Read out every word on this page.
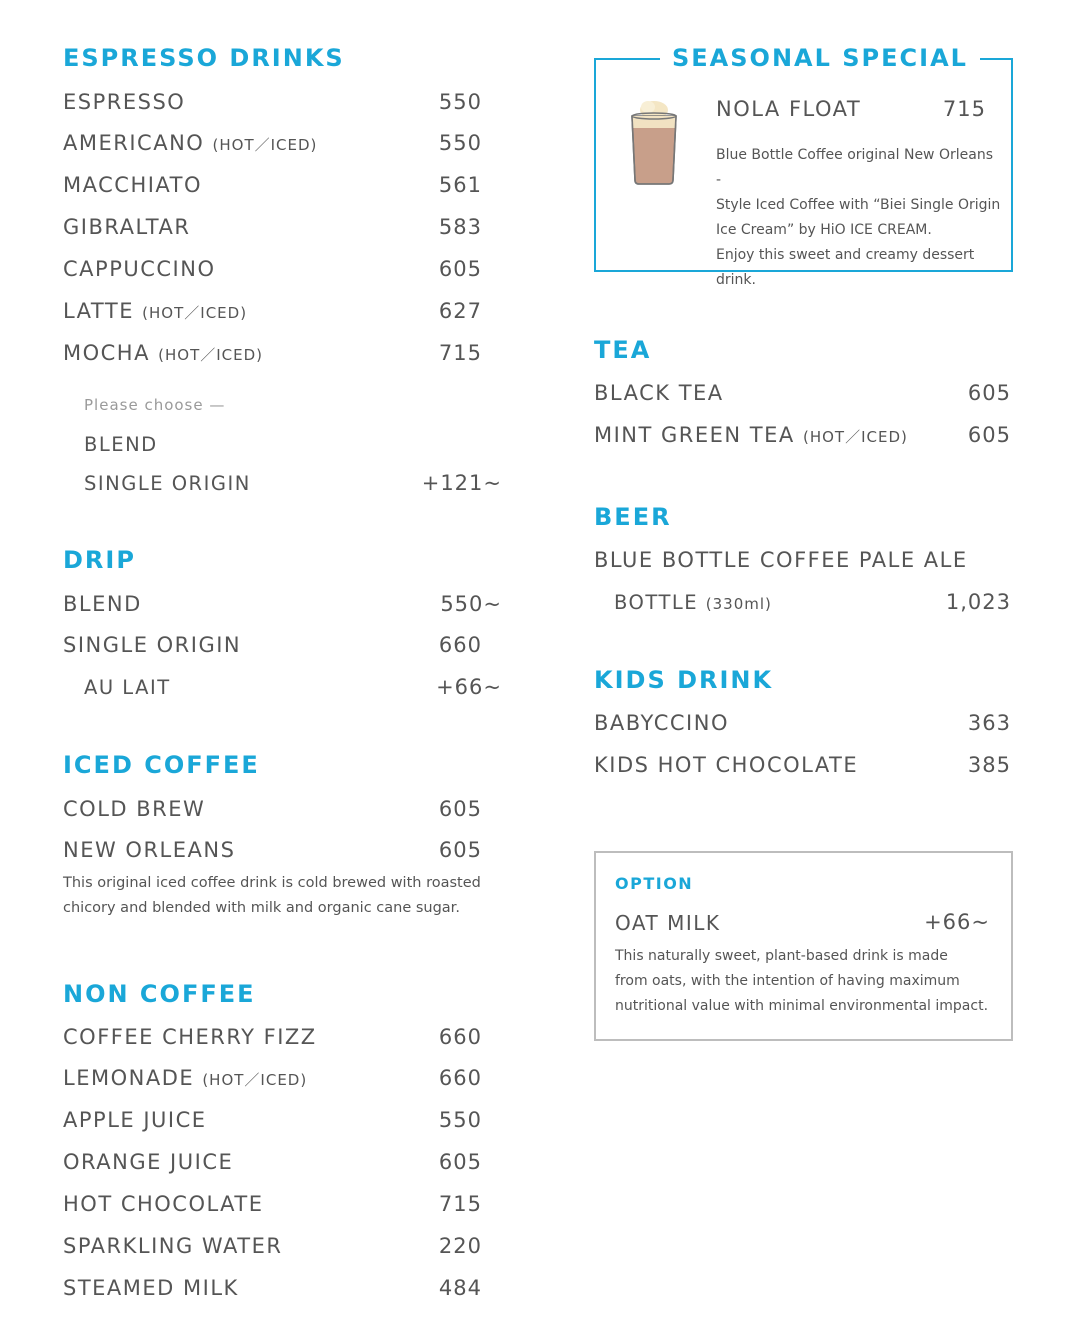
ESPRESSO DRINKS
ESPRESSO	550
AMERICANO (HOT／ICED)	550
MACCHIATO	561
GIBRALTAR	583
CAPPUCCINO	605
LATTE (HOT／ICED)	627
MOCHA (HOT／ICED)	715
Please choose —
BLEND
SINGLE ORIGIN	+121~
DRIP
BLEND	550~
SINGLE ORIGIN	660
AU LAIT	+66~
ICED COFFEE
COLD BREW	605
NEW ORLEANS	605
This original iced coffee drink is cold brewed with roasted
chicory and blended with milk and organic cane sugar.
NON COFFEE
COFFEE CHERRY FIZZ	660
LEMONADE (HOT／ICED)	660
APPLE JUICE	550
ORANGE JUICE	605
HOT CHOCOLATE	715
SPARKLING WATER	220
STEAMED MILK	484
SEASONAL SPECIAL
NOLA FLOAT	715
Blue Bottle Coffee original New Orleans -
Style Iced Coffee with “Biei Single Origin
Ice Cream” by HiO ICE CREAM.
Enjoy this sweet and creamy dessert drink.
TEA
BLACK TEA	605
MINT GREEN TEA (HOT／ICED)	605
BEER
BLUE BOTTLE COFFEE PALE ALE
BOTTLE (330ml)	1,023
KIDS DRINK
BABYCCINO	363
KIDS HOT CHOCOLATE	385
OPTION
OAT MILK	+66~
This naturally sweet, plant-based drink is made
from oats, with the intention of having maximum
nutritional value with minimal environmental impact.
